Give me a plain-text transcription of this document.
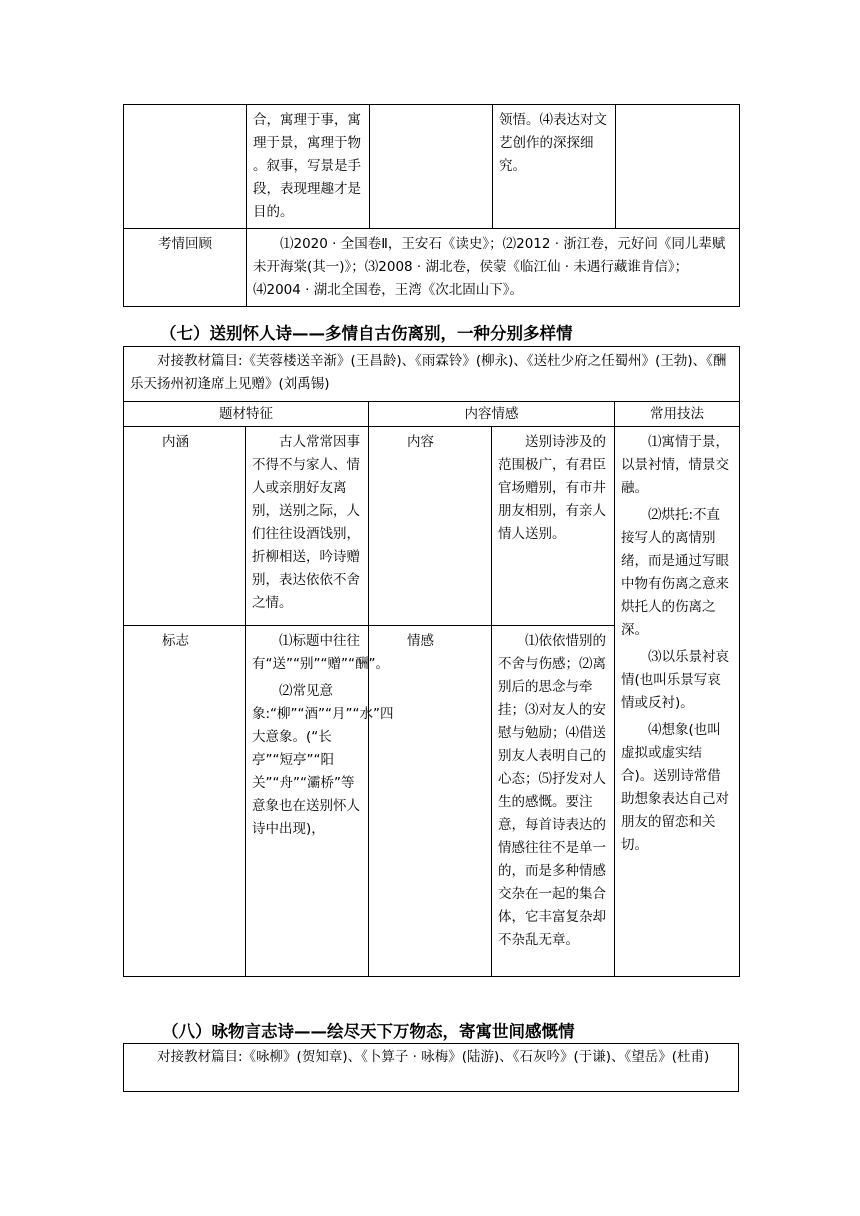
	合，寓理于事，寓理于景，寓理于物 。叙事，写景是手段，表现理趣才是目的。		领悟。⑷表达对文艺创作的深探细究。	

考情回顾	⑴2020 · 全国卷Ⅱ，王安石《读史》；⑵2012 · 浙江卷，元好问《同儿辈赋未开海棠(其一)》；⑶2008 · 湖北卷，侯蒙《临江仙 · 未遇行藏谁肯信》；⑷2004 · 湖北全国卷，王湾《次北固山下》。			
（七）送别怀人诗——多情自古伤离别，一种分别多样情
对接教材篇目:《芙蓉楼送辛渐》(王昌龄)、《雨霖铃》(柳永)、《送杜少府之任蜀州》(王勃)、《酬乐天扬州初逢席上见赠》(刘禹锡)				
题材特征		内容情感		常用技法
内涵	古人常常因事不得不与家人、情人或亲朋好友离别，送别之际，人们往往设酒饯别，折柳相送，吟诗赠别，表达依依不舍之情。	内容	送别诗涉及的范围极广，有君臣官场赠别，有市井朋友相别，有亲人情人送别。	⑴寓情于景，以景衬情，情景交融。

⑵烘托:不直接写人的离情别绪，而是通过写眼中物有伤离之意来烘托人的伤离之深。

⑶以乐景衬哀情(也叫乐景写哀情或反衬)。

⑷想象(也叫虚拟或虚实结合)。送别诗常借助想象表达自己对朋友的留恋和关切。

标志	⑴标题中往往有“送”“别”“赠”“酬”。

⑵常见意象:“柳”“酒”“月”“水”四大意象。(“长亭”“短亭”“阳关”“舟”“灞桥”等意象也在送别怀人诗中出现)，	情感	⑴依依惜别的不舍与伤感；⑵离别后的思念与牵挂；⑶对友人的安慰与勉励；⑷借送别友人表明自己的心态；⑸抒发对人生的感慨。要注意，每首诗表达的情感往往不是单一的，而是多种情感交杂在一起的集合体，它丰富复杂却不杂乱无章。	
（八）咏物言志诗——绘尽天下万物态，寄寓世间感慨情
对接教材篇目:《咏柳》(贺知章)、《卜算子 · 咏梅》(陆游)、《石灰吟》(于谦)、《望岳》(杜甫)
